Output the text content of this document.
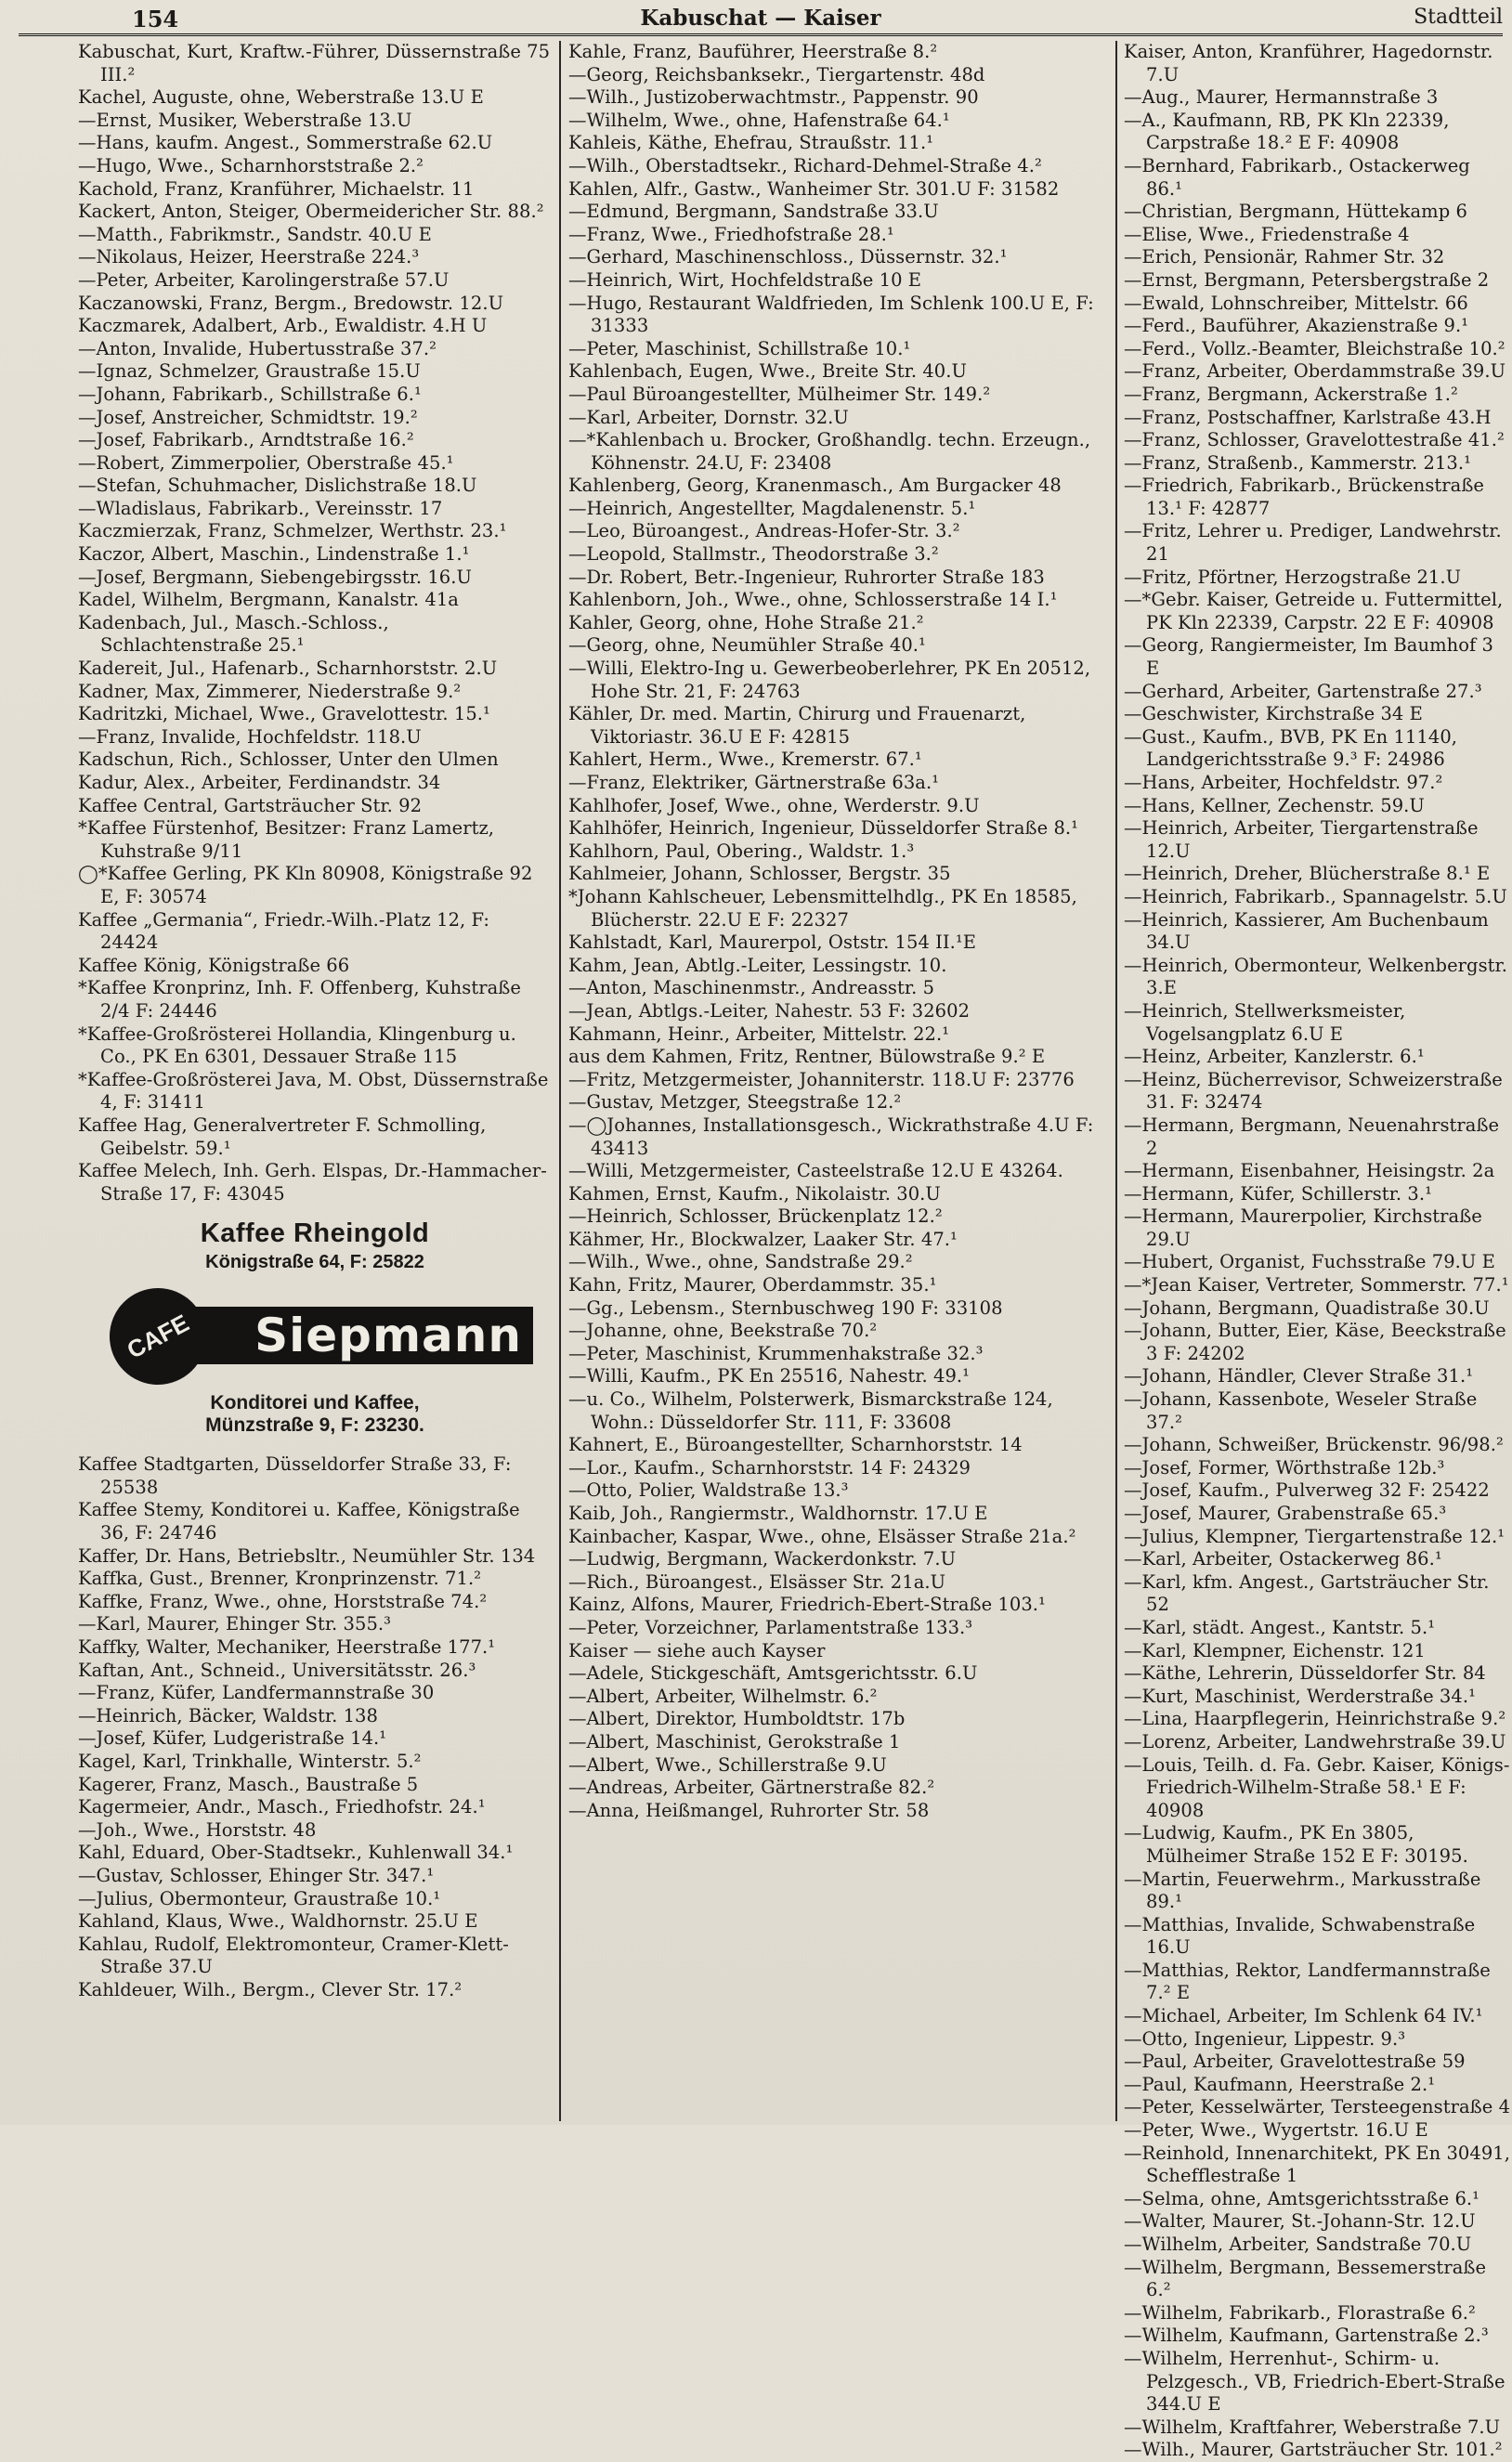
154	Kabuschat — Kaiser	Stadtteil
Kabuschat, Kurt, Kraftw.-Führer, Düssernstraße 75 III.²
Kachel, Auguste, ohne, Weberstraße 13.U E
—Ernst, Musiker, Weberstraße 13.U
—Hans, kaufm. Angest., Sommerstraße 62.U
—Hugo, Wwe., Scharnhorststraße 2.²
Kachold, Franz, Kranführer, Michaelstr. 11
Kackert, Anton, Steiger, Obermeidericher Str. 88.²
—Matth., Fabrikmstr., Sandstr. 40.U E
—Nikolaus, Heizer, Heerstraße 224.³
—Peter, Arbeiter, Karolingerstraße 57.U
Kaczanowski, Franz, Bergm., Bredowstr. 12.U
Kaczmarek, Adalbert, Arb., Ewaldistr. 4.H U
—Anton, Invalide, Hubertusstraße 37.²
—Ignaz, Schmelzer, Graustraße 15.U
—Johann, Fabrikarb., Schillstraße 6.¹
—Josef, Anstreicher, Schmidtstr. 19.²
—Josef, Fabrikarb., Arndtstraße 16.²
—Robert, Zimmerpolier, Oberstraße 45.¹
—Stefan, Schuhmacher, Dislichstraße 18.U
—Wladislaus, Fabrikarb., Vereinsstr. 17
Kaczmierzak, Franz, Schmelzer, Werthstr. 23.¹
Kaczor, Albert, Maschin., Lindenstraße 1.¹
—Josef, Bergmann, Siebengebirgsstr. 16.U
Kadel, Wilhelm, Bergmann, Kanalstr. 41a
Kadenbach, Jul., Masch.-Schloss., Schlachtenstraße 25.¹
Kadereit, Jul., Hafenarb., Scharnhorststr. 2.U
Kadner, Max, Zimmerer, Niederstraße 9.²
Kadritzki, Michael, Wwe., Gravelottestr. 15.¹
—Franz, Invalide, Hochfeldstr. 118.U
Kadschun, Rich., Schlosser, Unter den Ulmen
Kadur, Alex., Arbeiter, Ferdinandstr. 34
Kaffee Central, Gartsträucher Str. 92
*Kaffee Fürstenhof, Besitzer: Franz Lamertz, Kuhstraße 9/11
◯*Kaffee Gerling, PK Kln 80908, Königstraße 92 E, F: 30574
Kaffee „Germania“, Friedr.-Wilh.-Platz 12, F: 24424
Kaffee König, Königstraße 66
*Kaffee Kronprinz, Inh. F. Offenberg, Kuhstraße 2/4 F: 24446
*Kaffee-Großrösterei Hollandia, Klingenburg u. Co., PK En 6301, Dessauer Straße 115
*Kaffee-Großrösterei Java, M. Obst, Düssernstraße 4, F: 31411
Kaffee Hag, Generalvertreter F. Schmolling, Geibelstr. 59.¹
Kaffee Melech, Inh. Gerh. Elspas, Dr.-Hammacher-Straße 17, F: 43045
Kaffee Rheingold
Königstraße 64, F: 25822
Siepmann
CAFE
Konditorei und Kaffee,
Münzstraße 9, F: 23230.
Kaffee Stadtgarten, Düsseldorfer Straße 33, F: 25538
Kaffee Stemy, Konditorei u. Kaffee, Königstraße 36, F: 24746
Kaffer, Dr. Hans, Betriebsltr., Neumühler Str. 134
Kaffka, Gust., Brenner, Kronprinzenstr. 71.²
Kaffke, Franz, Wwe., ohne, Horststraße 74.²
—Karl, Maurer, Ehinger Str. 355.³
Kaffky, Walter, Mechaniker, Heerstraße 177.¹
Kaftan, Ant., Schneid., Universitätsstr. 26.³
—Franz, Küfer, Landfermannstraße 30
—Heinrich, Bäcker, Waldstr. 138
—Josef, Küfer, Ludgeristraße 14.¹
Kagel, Karl, Trinkhalle, Winterstr. 5.²
Kagerer, Franz, Masch., Baustraße 5
Kagermeier, Andr., Masch., Friedhofstr. 24.¹
—Joh., Wwe., Horststr. 48
Kahl, Eduard, Ober-Stadtsekr., Kuhlenwall 34.¹
—Gustav, Schlosser, Ehinger Str. 347.¹
—Julius, Obermonteur, Graustraße 10.¹
Kahland, Klaus, Wwe., Waldhornstr. 25.U E
Kahlau, Rudolf, Elektromonteur, Cramer-Klett-Straße 37.U
Kahldeuer, Wilh., Bergm., Clever Str. 17.²
Kahle, Franz, Bauführer, Heerstraße 8.²
—Georg, Reichsbanksekr., Tiergartenstr. 48d
—Wilh., Justizoberwachtmstr., Pappenstr. 90
—Wilhelm, Wwe., ohne, Hafenstraße 64.¹
Kahleis, Käthe, Ehefrau, Straußstr. 11.¹
—Wilh., Oberstadtsekr., Richard-Dehmel-Straße 4.²
Kahlen, Alfr., Gastw., Wanheimer Str. 301.U F: 31582
—Edmund, Bergmann, Sandstraße 33.U
—Franz, Wwe., Friedhofstraße 28.¹
—Gerhard, Maschinenschloss., Düssernstr. 32.¹
—Heinrich, Wirt, Hochfeldstraße 10 E
—Hugo, Restaurant Waldfrieden, Im Schlenk 100.U E, F: 31333
—Peter, Maschinist, Schillstraße 10.¹
Kahlenbach, Eugen, Wwe., Breite Str. 40.U
—Paul Büroangestellter, Mülheimer Str. 149.²
—Karl, Arbeiter, Dornstr. 32.U
—*Kahlenbach u. Brocker, Großhandlg. techn. Erzeugn., Köhnenstr. 24.U, F: 23408
Kahlenberg, Georg, Kranenmasch., Am Burgacker 48
—Heinrich, Angestellter, Magdalenenstr. 5.¹
—Leo, Büroangest., Andreas-Hofer-Str. 3.²
—Leopold, Stallmstr., Theodorstraße 3.²
—Dr. Robert, Betr.-Ingenieur, Ruhrorter Straße 183
Kahlenborn, Joh., Wwe., ohne, Schlosserstraße 14 I.¹
Kahler, Georg, ohne, Hohe Straße 21.²
—Georg, ohne, Neumühler Straße 40.¹
—Willi, Elektro-Ing u. Gewerbeoberlehrer, PK En 20512, Hohe Str. 21, F: 24763
Kähler, Dr. med. Martin, Chirurg und Frauenarzt, Viktoriastr. 36.U E F: 42815
Kahlert, Herm., Wwe., Kremerstr. 67.¹
—Franz, Elektriker, Gärtnerstraße 63a.¹
Kahlhofer, Josef, Wwe., ohne, Werderstr. 9.U
Kahlhöfer, Heinrich, Ingenieur, Düsseldorfer Straße 8.¹
Kahlhorn, Paul, Obering., Waldstr. 1.³
Kahlmeier, Johann, Schlosser, Bergstr. 35
*Johann Kahlscheuer, Lebensmittelhdlg., PK En 18585, Blücherstr. 22.U E F: 22327
Kahlstadt, Karl, Maurerpol, Oststr. 154 II.¹E
Kahm, Jean, Abtlg.-Leiter, Lessingstr. 10.
—Anton, Maschinenmstr., Andreasstr. 5
—Jean, Abtlgs.-Leiter, Nahestr. 53 F: 32602
Kahmann, Heinr., Arbeiter, Mittelstr. 22.¹
aus dem Kahmen, Fritz, Rentner, Bülowstraße 9.² E
—Fritz, Metzgermeister, Johanniterstr. 118.U F: 23776
—Gustav, Metzger, Steegstraße 12.²
—◯Johannes, Installationsgesch., Wickrathstraße 4.U F: 43413
—Willi, Metzgermeister, Casteelstraße 12.U E 43264.
Kahmen, Ernst, Kaufm., Nikolaistr. 30.U
—Heinrich, Schlosser, Brückenplatz 12.²
Kähmer, Hr., Blockwalzer, Laaker Str. 47.¹
—Wilh., Wwe., ohne, Sandstraße 29.²
Kahn, Fritz, Maurer, Oberdammstr. 35.¹
—Gg., Lebensm., Sternbuschweg 190 F: 33108
—Johanne, ohne, Beekstraße 70.²
—Peter, Maschinist, Krummenhakstraße 32.³
—Willi, Kaufm., PK En 25516, Nahestr. 49.¹
—u. Co., Wilhelm, Polsterwerk, Bismarckstraße 124, Wohn.: Düsseldorfer Str. 111, F: 33608
Kahnert, E., Büroangestellter, Scharnhorststr. 14
—Lor., Kaufm., Scharnhorststr. 14 F: 24329
—Otto, Polier, Waldstraße 13.³
Kaib, Joh., Rangiermstr., Waldhornstr. 17.U E
Kainbacher, Kaspar, Wwe., ohne, Elsässer Straße 21a.²
—Ludwig, Bergmann, Wackerdonkstr. 7.U
—Rich., Büroangest., Elsässer Str. 21a.U
Kainz, Alfons, Maurer, Friedrich-Ebert-Straße 103.¹
—Peter, Vorzeichner, Parlamentstraße 133.³
Kaiser — siehe auch Kayser
—Adele, Stickgeschäft, Amtsgerichtsstr. 6.U
—Albert, Arbeiter, Wilhelmstr. 6.²
—Albert, Direktor, Humboldtstr. 17b
—Albert, Maschinist, Gerokstraße 1
—Albert, Wwe., Schillerstraße 9.U
—Andreas, Arbeiter, Gärtnerstraße 82.²
—Anna, Heißmangel, Ruhrorter Str. 58
Kaiser, Anton, Kranführer, Hagedornstr. 7.U
—Aug., Maurer, Hermannstraße 3
—A., Kaufmann, RB, PK Kln 22339, Carpstraße 18.² E F: 40908
—Bernhard, Fabrikarb., Ostackerweg 86.¹
—Christian, Bergmann, Hüttekamp 6
—Elise, Wwe., Friedenstraße 4
—Erich, Pensionär, Rahmer Str. 32
—Ernst, Bergmann, Petersbergstraße 2
—Ewald, Lohnschreiber, Mittelstr. 66
—Ferd., Bauführer, Akazienstraße 9.¹
—Ferd., Vollz.-Beamter, Bleichstraße 10.²
—Franz, Arbeiter, Oberdammstraße 39.U
—Franz, Bergmann, Ackerstraße 1.²
—Franz, Postschaffner, Karlstraße 43.H
—Franz, Schlosser, Gravelottestraße 41.²
—Franz, Straßenb., Kammerstr. 213.¹
—Friedrich, Fabrikarb., Brückenstraße 13.¹ F: 42877
—Fritz, Lehrer u. Prediger, Landwehrstr. 21
—Fritz, Pförtner, Herzogstraße 21.U
—*Gebr. Kaiser, Getreide u. Futtermittel, PK Kln 22339, Carpstr. 22 E F: 40908
—Georg, Rangiermeister, Im Baumhof 3 E
—Gerhard, Arbeiter, Gartenstraße 27.³
—Geschwister, Kirchstraße 34 E
—Gust., Kaufm., BVB, PK En 11140, Landgerichtsstraße 9.³ F: 24986
—Hans, Arbeiter, Hochfeldstr. 97.²
—Hans, Kellner, Zechenstr. 59.U
—Heinrich, Arbeiter, Tiergartenstraße 12.U
—Heinrich, Dreher, Blücherstraße 8.¹ E
—Heinrich, Fabrikarb., Spannagelstr. 5.U
—Heinrich, Kassierer, Am Buchenbaum 34.U
—Heinrich, Obermonteur, Welkenbergstr. 3.E
—Heinrich, Stellwerksmeister, Vogelsangplatz 6.U E
—Heinz, Arbeiter, Kanzlerstr. 6.¹
—Heinz, Bücherrevisor, Schweizerstraße 31. F: 32474
—Hermann, Bergmann, Neuenahrstraße 2
—Hermann, Eisenbahner, Heisingstr. 2a
—Hermann, Küfer, Schillerstr. 3.¹
—Hermann, Maurerpolier, Kirchstraße 29.U
—Hubert, Organist, Fuchsstraße 79.U E
—*Jean Kaiser, Vertreter, Sommerstr. 77.¹
—Johann, Bergmann, Quadistraße 30.U
—Johann, Butter, Eier, Käse, Beeckstraße 3 F: 24202
—Johann, Händler, Clever Straße 31.¹
—Johann, Kassenbote, Weseler Straße 37.²
—Johann, Schweißer, Brückenstr. 96/98.²
—Josef, Former, Wörthstraße 12b.³
—Josef, Kaufm., Pulverweg 32 F: 25422
—Josef, Maurer, Grabenstraße 65.³
—Julius, Klempner, Tiergartenstraße 12.¹
—Karl, Arbeiter, Ostackerweg 86.¹
—Karl, kfm. Angest., Gartsträucher Str. 52
—Karl, städt. Angest., Kantstr. 5.¹
—Karl, Klempner, Eichenstr. 121
—Käthe, Lehrerin, Düsseldorfer Str. 84
—Kurt, Maschinist, Werderstraße 34.¹
—Lina, Haarpflegerin, Heinrichstraße 9.²
—Lorenz, Arbeiter, Landwehrstraße 39.U
—Louis, Teilh. d. Fa. Gebr. Kaiser, Königs-Friedrich-Wilhelm-Straße 58.¹ E F: 40908
—Ludwig, Kaufm., PK En 3805, Mülheimer Straße 152 E F: 30195.
—Martin, Feuerwehrm., Markusstraße 89.¹
—Matthias, Invalide, Schwabenstraße 16.U
—Matthias, Rektor, Landfermannstraße 7.² E
—Michael, Arbeiter, Im Schlenk 64 IV.¹
—Otto, Ingenieur, Lippestr. 9.³
—Paul, Arbeiter, Gravelottestraße 59
—Paul, Kaufmann, Heerstraße 2.¹
—Peter, Kesselwärter, Tersteegenstraße 4
—Peter, Wwe., Wygertstr. 16.U E
—Reinhold, Innenarchitekt, PK En 30491, Schefflestraße 1
—Selma, ohne, Amtsgerichtsstraße 6.¹
—Walter, Maurer, St.-Johann-Str. 12.U
—Wilhelm, Arbeiter, Sandstraße 70.U
—Wilhelm, Bergmann, Bessemerstraße 6.²
—Wilhelm, Fabrikarb., Florastraße 6.²
—Wilhelm, Kaufmann, Gartenstraße 2.³
—Wilhelm, Herrenhut-, Schirm- u. Pelzgesch., VB, Friedrich-Ebert-Straße 344.U E
—Wilhelm, Kraftfahrer, Weberstraße 7.U
—Wilh., Maurer, Gartsträucher Str. 101.²
